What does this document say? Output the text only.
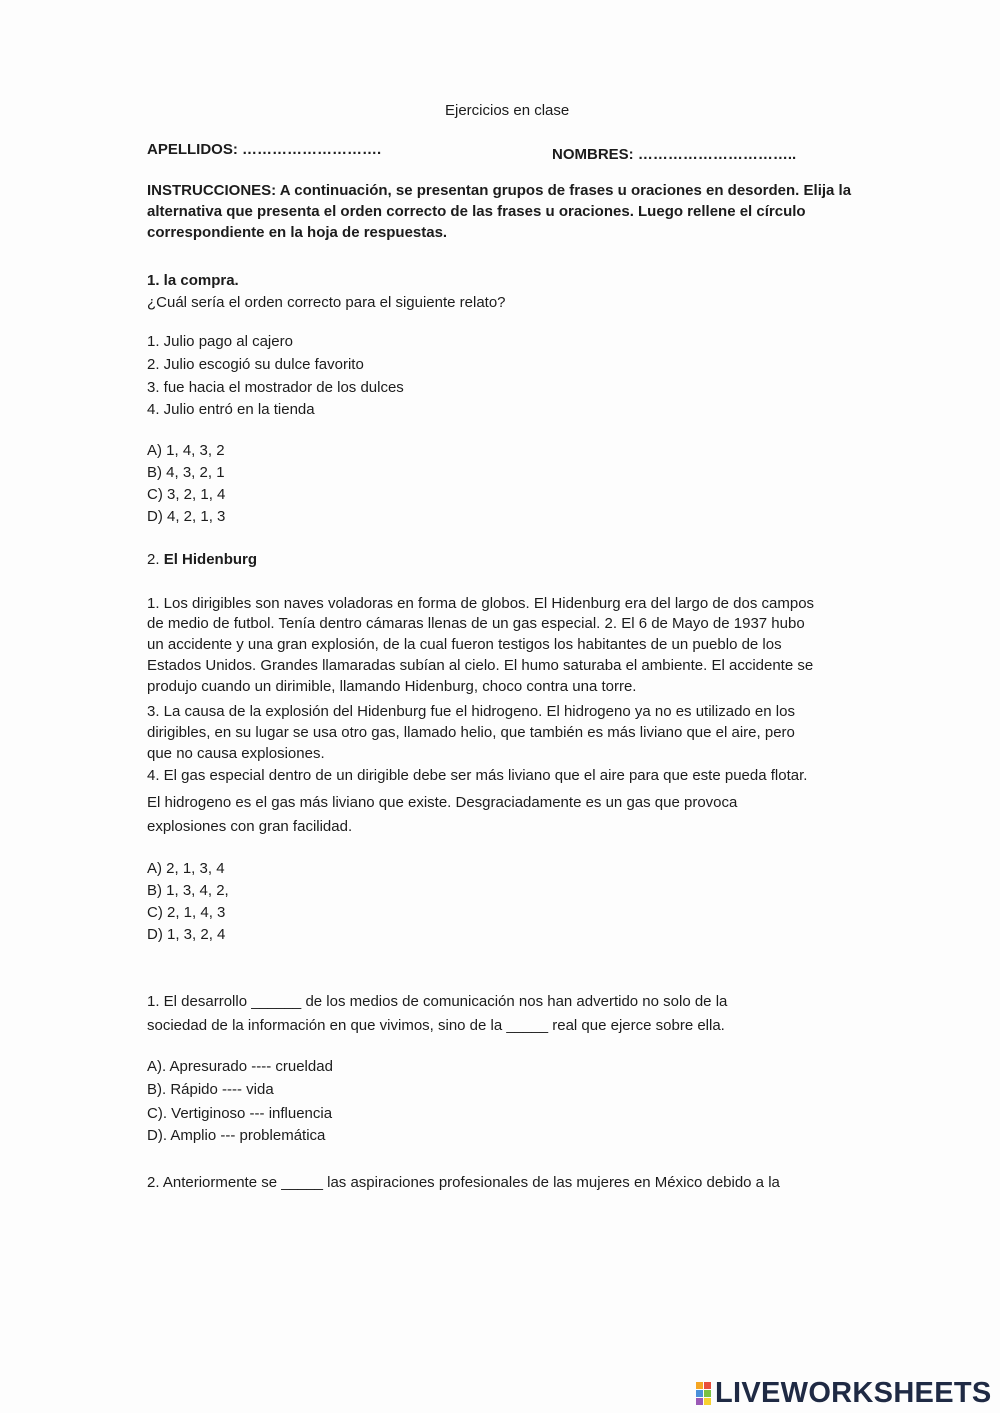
Ejercicios en clase
APELLIDOS: ……………………….	NOMBRES: …………………………..

INSTRUCCIONES: A continuación, se presentan grupos de frases u oraciones en desorden. Elija la

alternativa que presenta el orden correcto de las frases u oraciones. Luego rellene el círculo

correspondiente en la hoja de respuestas.

1. la compra.
¿Cuál sería el orden correcto para el siguiente relato?
1. Julio pago al cajero
2. Julio escogió su dulce favorito
3. fue hacia el mostrador de los dulces
4. Julio entró en la tienda
A) 1, 4, 3, 2
B) 4, 3, 2, 1
C) 3, 2, 1, 4
D) 4, 2, 1, 3
2. El Hidenburg
1. Los dirigibles son naves voladoras en forma de globos. El Hidenburg era del largo de dos campos
de medio de futbol. Tenía dentro cámaras llenas de un gas especial. 2. El 6 de Mayo de 1937 hubo
un accidente y una gran explosión, de la cual fueron testigos los habitantes de un pueblo de los
Estados Unidos. Grandes llamaradas subían al cielo. El humo saturaba el ambiente. El accidente se
produjo cuando un dirimible, llamando Hidenburg, choco contra una torre.
3. La causa de la explosión del Hidenburg fue el hidrogeno. El hidrogeno ya no es utilizado en los
dirigibles, en su lugar se usa otro gas, llamado helio, que también es más liviano que el aire, pero
que no causa explosiones.
4. El gas especial dentro de un dirigible debe ser más liviano que el aire para que este pueda flotar.
El hidrogeno es el gas más liviano que existe. Desgraciadamente es un gas que provoca
explosiones con gran facilidad.
A) 2, 1, 3, 4
B) 1, 3, 4, 2,
C) 2, 1, 4, 3
D) 1, 3, 2, 4
1. El desarrollo ______ de los medios de comunicación nos han advertido no solo de la
sociedad de la información en que vivimos, sino de la _____ real que ejerce sobre ella.
A). Apresurado ---- crueldad
B). Rápido ---- vida
C). Vertiginoso --- influencia
D). Amplio --- problemática
2. Anteriormente se _____ las aspiraciones profesionales de las mujeres en México debido a la
LIVEWORKSHEETS
